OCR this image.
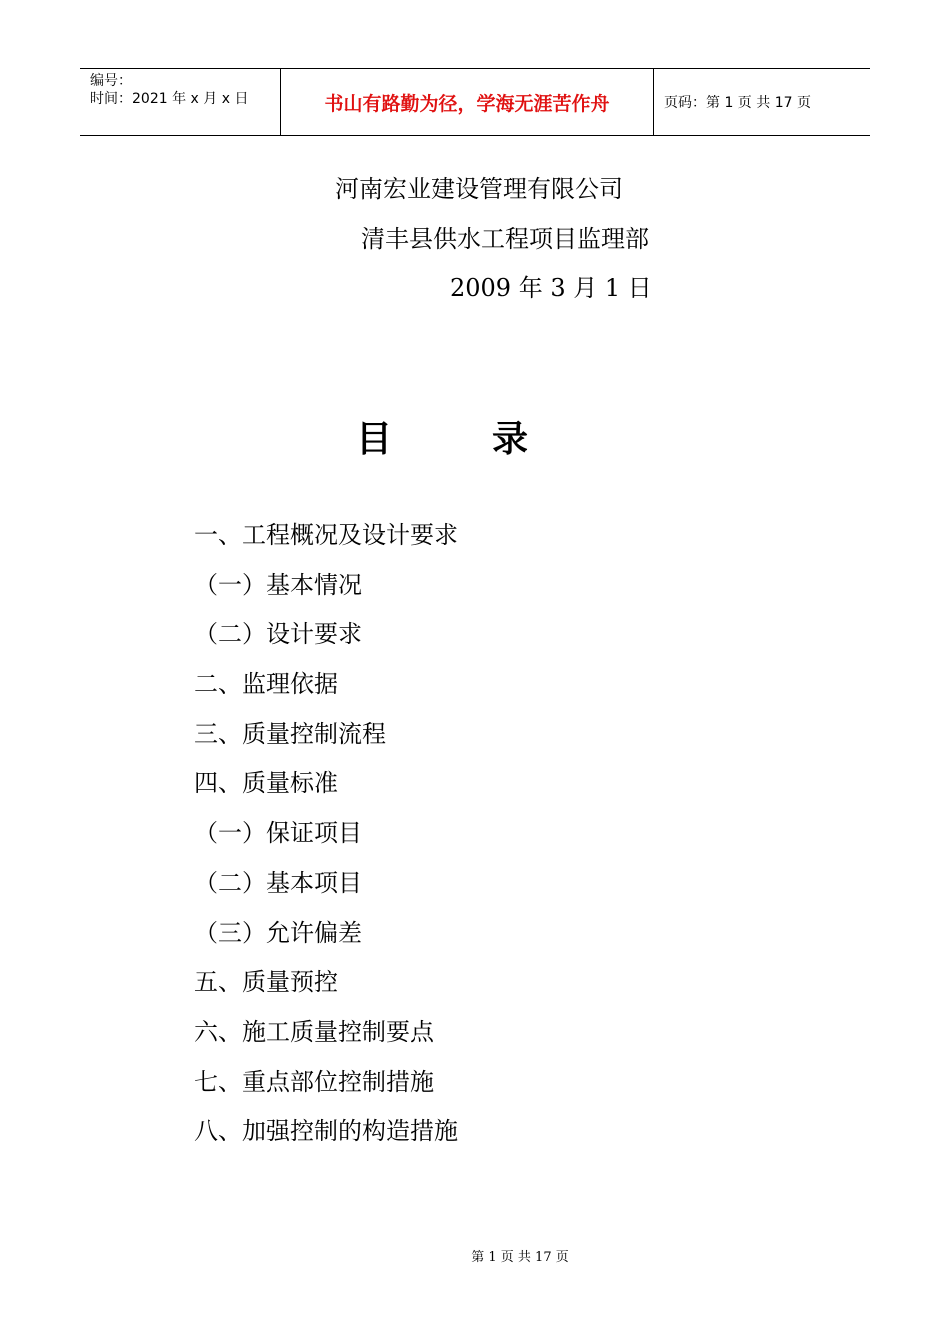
编号：
时间：2021 年 x 月 x 日	书山有路勤为径，学海无涯苦作舟	页码：第 1 页 共 17 页
河南宏业建设管理有限公司
清丰县供水工程项目监理部
2009 年 3 月 1 日
目	录
一、工程概况及设计要求
（一）基本情况
（二）设计要求
二、监理依据
三、质量控制流程
四、质量标准
（一）保证项目
（二）基本项目
（三）允许偏差
五、质量预控
六、施工质量控制要点
七、重点部位控制措施
八、加强控制的构造措施
第 1 页 共 17 页
